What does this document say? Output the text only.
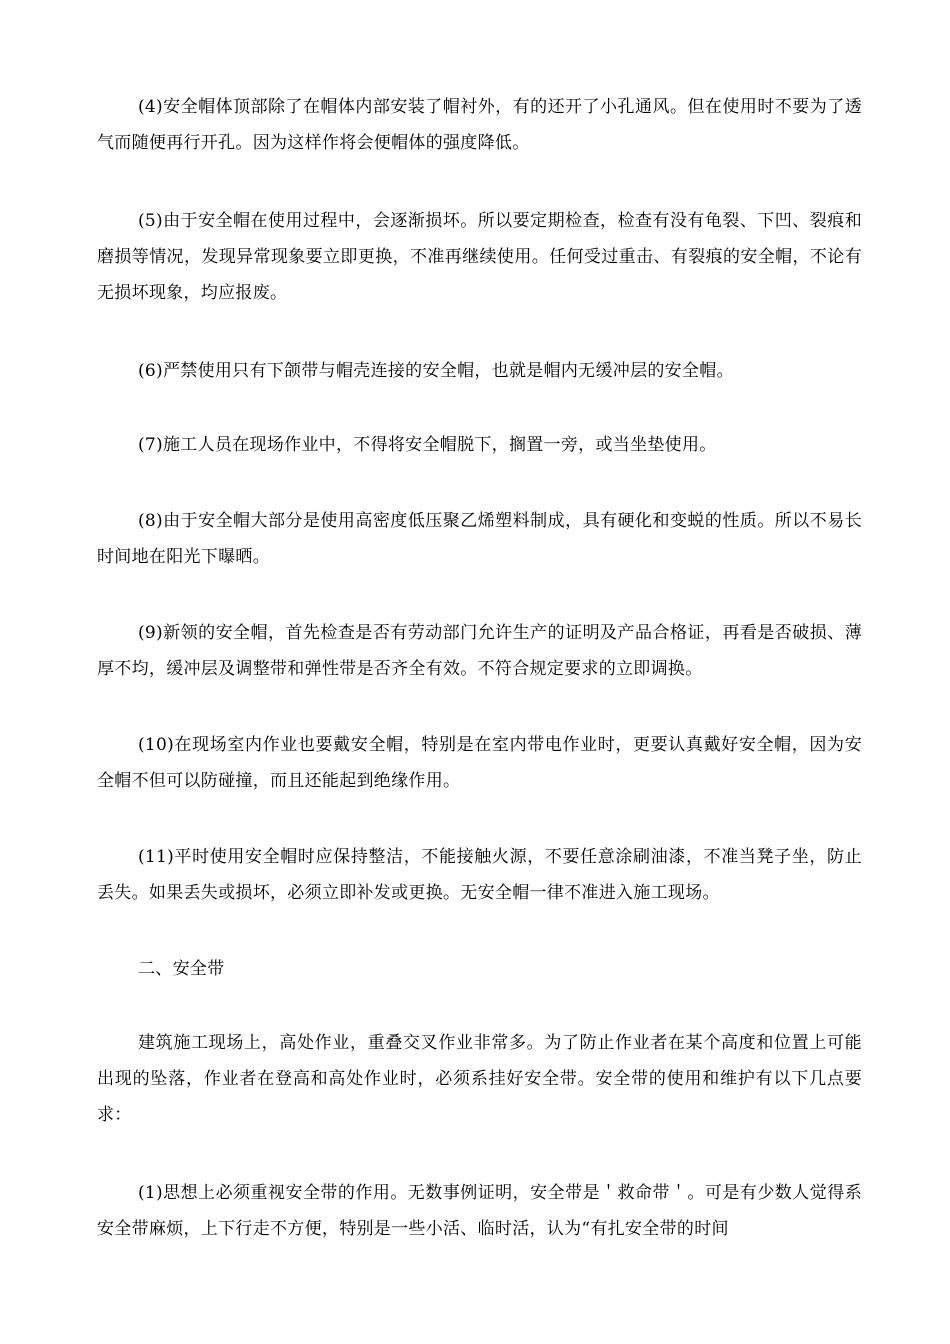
(4)安全帽体顶部除了在帽体内部安装了帽衬外，有的还开了小孔通风。但在使用时不要为了透气而随便再行开孔。因为这样作将会便帽体的强度降低。

(5)由于安全帽在使用过程中，会逐渐损坏。所以要定期检查，检查有没有龟裂、下凹、裂痕和磨损等情况，发现异常现象要立即更换，不准再继续使用。任何受过重击、有裂痕的安全帽，不论有无损坏现象，均应报废。

(6)严禁使用只有下颌带与帽壳连接的安全帽，也就是帽内无缓冲层的安全帽。

(7)施工人员在现场作业中，不得将安全帽脱下，搁置一旁，或当坐垫使用。

(8)由于安全帽大部分是使用高密度低压聚乙烯塑料制成，具有硬化和变蜕的性质。所以不易长时间地在阳光下曝晒。

(9)新领的安全帽，首先检查是否有劳动部门允许生产的证明及产品合格证，再看是否破损、薄厚不均，缓冲层及调整带和弹性带是否齐全有效。不符合规定要求的立即调换。

(10)在现场室内作业也要戴安全帽，特别是在室内带电作业时，更要认真戴好安全帽，因为安全帽不但可以防碰撞，而且还能起到绝缘作用。

(11)平时使用安全帽时应保持整洁，不能接触火源，不要任意涂刷油漆，不准当凳子坐，防止丢失。如果丢失或损坏，必须立即补发或更换。无安全帽一律不准进入施工现场。

二、安全带

建筑施工现场上，高处作业，重叠交叉作业非常多。为了防止作业者在某个高度和位置上可能出现的坠落，作业者在登高和高处作业时，必须系挂好安全带。安全带的使用和维护有以下几点要求：

(1)思想上必须重视安全带的作用。无数事例证明，安全带是＇救命带＇。可是有少数人觉得系安全带麻烦，上下行走不方便，特别是一些小活、临时活，认为“有扎安全带的时间
